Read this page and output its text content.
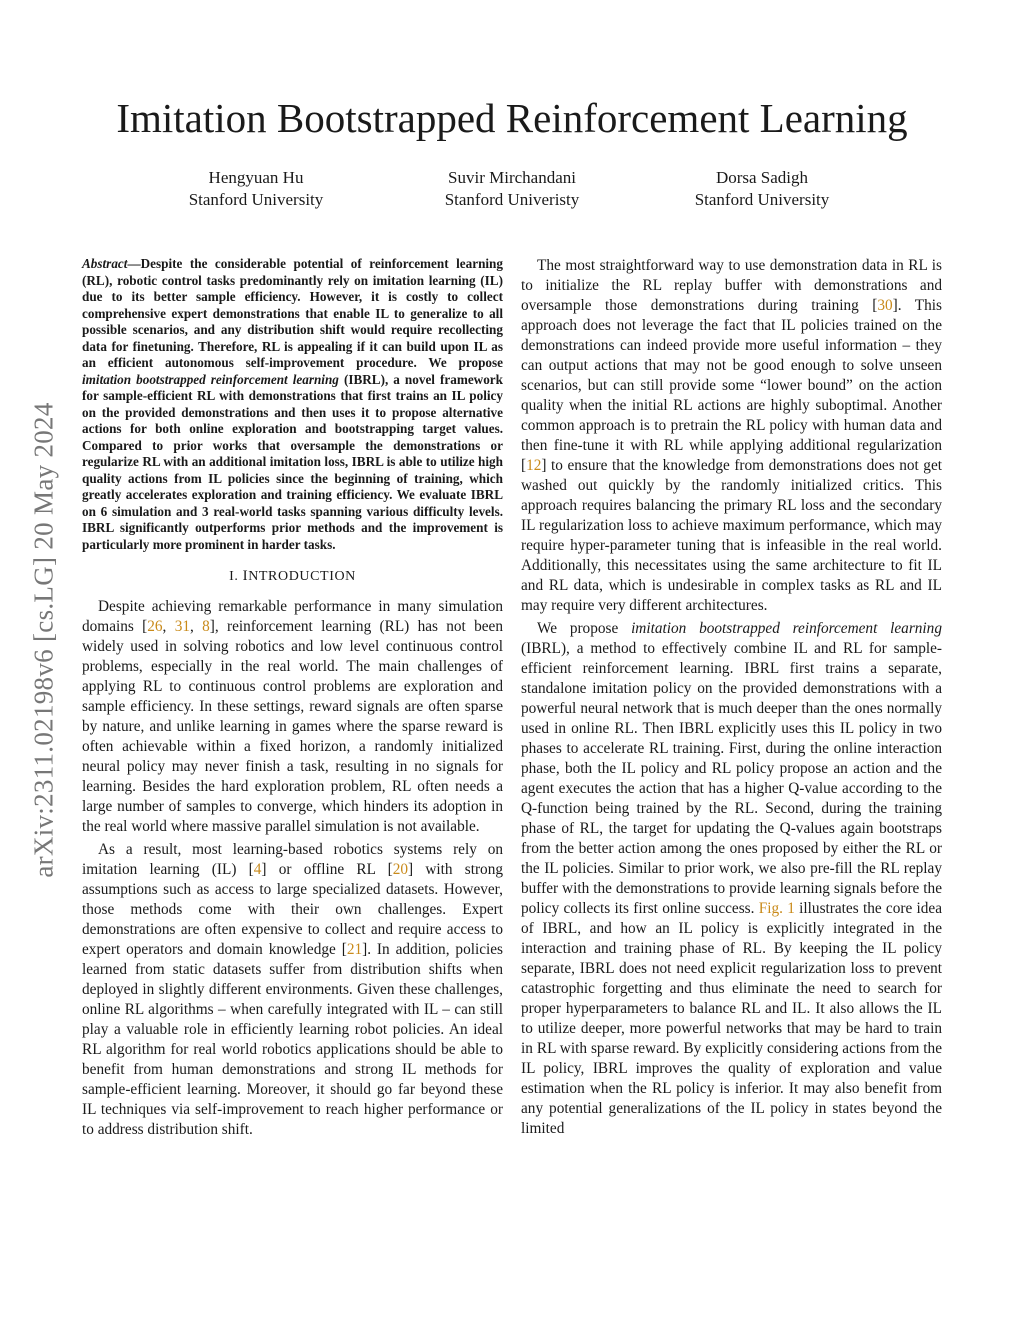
arXiv:2311.02198v6 [cs.LG] 20 May 2024
Imitation Bootstrapped Reinforcement Learning
Hengyuan Hu
Stanford University
Suvir Mirchandani
Stanford Univeristy
Dorsa Sadigh
Stanford University
Abstract—Despite the considerable potential of reinforcement learning (RL), robotic control tasks predominantly rely on imitation learning (IL) due to its better sample efficiency. However, it is costly to collect comprehensive expert demonstrations that enable IL to generalize to all possible scenarios, and any distribution shift would require recollecting data for finetuning. Therefore, RL is appealing if it can build upon IL as an efficient autonomous self-improvement procedure. We propose imitation bootstrapped reinforcement learning (IBRL), a novel framework for sample-efficient RL with demonstrations that first trains an IL policy on the provided demonstrations and then uses it to propose alternative actions for both online exploration and bootstrapping target values. Compared to prior works that oversample the demonstrations or regularize RL with an additional imitation loss, IBRL is able to utilize high quality actions from IL policies since the beginning of training, which greatly accelerates exploration and training efficiency. We evaluate IBRL on 6 simulation and 3 real-world tasks spanning various difficulty levels. IBRL significantly outperforms prior methods and the improvement is particularly more prominent in harder tasks.
I. INTRODUCTION

Despite achieving remarkable performance in many simulation domains [26, 31, 8], reinforcement learning (RL) has not been widely used in solving robotics and low level continuous control problems, especially in the real world. The main challenges of applying RL to continuous control problems are exploration and sample efficiency. In these settings, reward signals are often sparse by nature, and unlike learning in games where the sparse reward is often achievable within a fixed horizon, a randomly initialized neural policy may never finish a task, resulting in no signals for learning. Besides the hard exploration problem, RL often needs a large number of samples to converge, which hinders its adoption in the real world where massive parallel simulation is not available.

As a result, most learning-based robotics systems rely on imitation learning (IL) [4] or offline RL [20] with strong assumptions such as access to large specialized datasets. However, those methods come with their own challenges. Expert demonstrations are often expensive to collect and require access to expert operators and domain knowledge [21]. In addition, policies learned from static datasets suffer from distribution shifts when deployed in slightly different environments. Given these challenges, online RL algorithms – when carefully integrated with IL – can still play a valuable role in efficiently learning robot policies. An ideal RL algorithm for real world robotics applications should be able to benefit from human demonstrations and strong IL methods for sample-efficient learning. Moreover, it should go far beyond these IL techniques via self-improvement to reach higher performance or to address distribution shift.

The most straightforward way to use demonstration data in RL is to initialize the RL replay buffer with demonstrations and oversample those demonstrations during training [30]. This approach does not leverage the fact that IL policies trained on the demonstrations can indeed provide more useful information – they can output actions that may not be good enough to solve unseen scenarios, but can still provide some “lower bound” on the action quality when the initial RL actions are highly suboptimal. Another common approach is to pretrain the RL policy with human data and then fine-tune it with RL while applying additional regularization [12] to ensure that the knowledge from demonstrations does not get washed out quickly by the randomly initialized critics. This approach requires balancing the primary RL loss and the secondary IL regularization loss to achieve maximum performance, which may require hyper-parameter tuning that is infeasible in the real world. Additionally, this necessitates using the same architecture to fit IL and RL data, which is undesirable in complex tasks as RL and IL may require very different architectures.

We propose imitation bootstrapped reinforcement learning (IBRL), a method to effectively combine IL and RL for sample-efficient reinforcement learning. IBRL first trains a separate, standalone imitation policy on the provided demonstrations with a powerful neural network that is much deeper than the ones normally used in online RL. Then IBRL explicitly uses this IL policy in two phases to accelerate RL training. First, during the online interaction phase, both the IL policy and RL policy propose an action and the agent executes the action that has a higher Q-value according to the Q-function being trained by the RL. Second, during the training phase of RL, the target for updating the Q-values again bootstraps from the better action among the ones proposed by either the RL or the IL policies. Similar to prior work, we also pre-fill the RL replay buffer with the demonstrations to provide learning signals before the policy collects its first online success. Fig. 1 illustrates the core idea of IBRL, and how an IL policy is explicitly integrated in the interaction and training phase of RL. By keeping the IL policy separate, IBRL does not need explicit regularization loss to prevent catastrophic forgetting and thus eliminate the need to search for proper hyperparameters to balance RL and IL. It also allows the IL to utilize deeper, more powerful networks that may be hard to train in RL with sparse reward. By explicitly considering actions from the IL policy, IBRL improves the quality of exploration and value estimation when the RL policy is inferior. It may also benefit from any potential generalizations of the IL policy in states beyond the limited
